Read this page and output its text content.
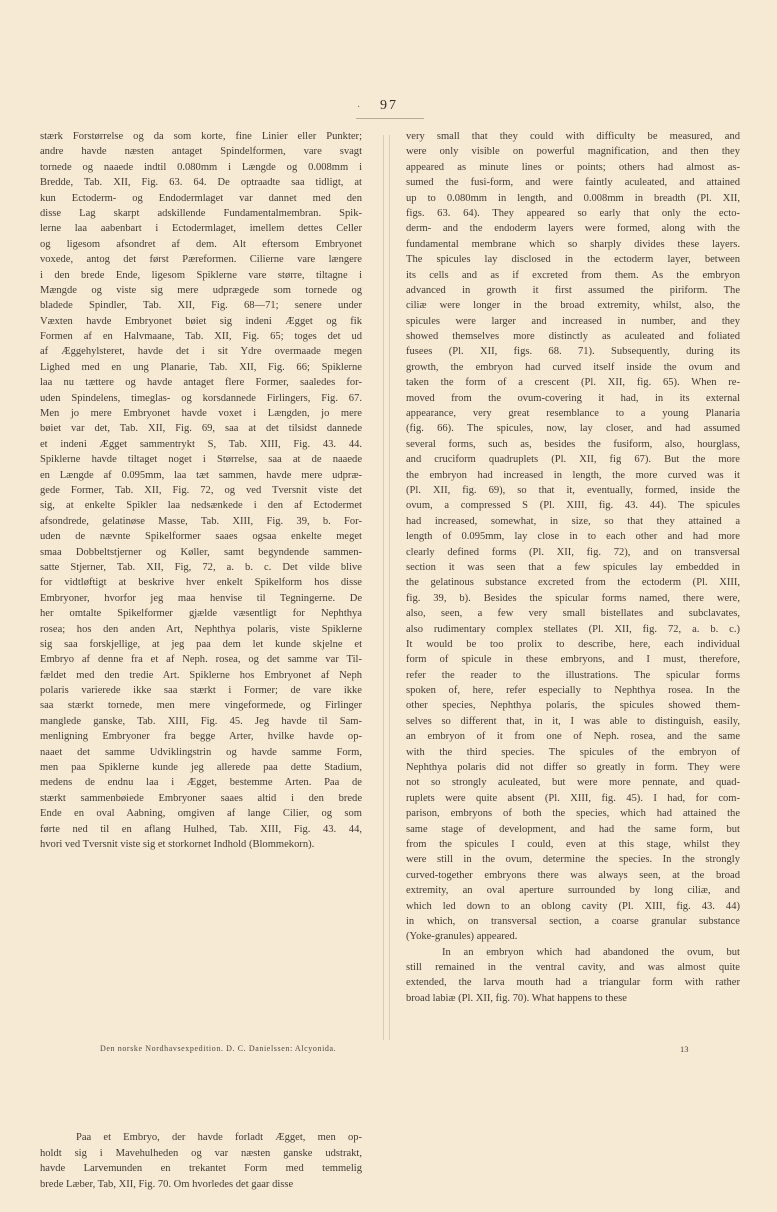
· 97

stærk Forstørrelse og da som korte, fine Linier eller Punkter;
andre havde næsten antaget Spindelformen, vare svagt
tornede og naaede indtil 0.080mm i Længde og 0.008mm i
Bredde, Tab. XII, Fig. 63. 64. De optraadte saa tidligt, at
kun Ectoderm- og Endodermlaget var dannet med den
disse Lag skarpt adskillende Fundamentalmembran. Spik-
lerne laa aabenbart i Ectodermlaget, imellem dettes Celler
og ligesom afsondret af dem. Alt eftersom Embryonet
voxede, antog det først Pæreformen. Cilierne vare længere
i den brede Ende, ligesom Spiklerne vare større, tiltagne i
Mængde og viste sig mere udprægede som tornede og
bladede Spindler, Tab. XII, Fig. 68—71; senere under
Væxten havde Embryonet bøiet sig indeni Ægget og fik
Formen af en Halvmaane, Tab. XII, Fig. 65; toges det ud
af Æggehylsteret, havde det i sit Ydre overmaade megen
Lighed med en ung Planarie, Tab. XII, Fig. 66; Spiklerne
laa nu tættere og havde antaget flere Former, saaledes for-
uden Spindelens, timeglas- og korsdannede Firlingers, Fig. 67.
Men jo mere Embryonet havde voxet i Længden, jo mere
bøiet var det, Tab. XII, Fig. 69, saa at det tilsidst dannede
et indeni Ægget sammentrykt S, Tab. XIII, Fig. 43. 44.
Spiklerne havde tiltaget noget i Størrelse, saa at de naaede
en Længde af 0.095mm, laa tæt sammen, havde mere udpræ-
gede Former, Tab. XII, Fig. 72, og ved Tversnit viste det
sig, at enkelte Spikler laa nedsænkede i den af Ectodermet
afsondrede, gelatinøse Masse, Tab. XIII, Fig. 39, b. For-
uden de nævnte Spikelformer saaes ogsaa enkelte meget
smaa Dobbeltstjerner og Køller, samt begyndende sammen-
satte Stjerner, Tab. XII, Fig, 72, a. b. c. Det vilde blive
for vidtløftigt at beskrive hver enkelt Spikelform hos disse
Embryoner, hvorfor jeg maa henvise til Tegningerne. De
her omtalte Spikelformer gjælde væsentligt for Nephthya
rosea; hos den anden Art, Nephthya polaris, viste Spiklerne
sig saa forskjellige, at jeg paa dem let kunde skjelne et
Embryo af denne fra et af Neph. rosea, og det samme var Til-
fældet med den tredie Art. Spiklerne hos Embryonet af Neph
polaris varierede ikke saa stærkt i Former; de vare ikke
saa stærkt tornede, men mere vingeformede, og Firlinger
manglede ganske, Tab. XIII, Fig. 45. Jeg havde til Sam-
menligning Embryoner fra begge Arter, hvilke havde op-
naaet det samme Udviklingstrin og havde samme Form,
men paa Spiklerne kunde jeg allerede paa dette Stadium,
medens de endnu laa i Ægget, bestemme Arten. Paa de
stærkt sammenbøiede Embryoner saaes altid i den brede
Ende en oval Aabning, omgiven af lange Cilier, og som
førte ned til en aflang Hulhed, Tab. XIII, Fig. 43. 44,
hvori ved Tversnit viste sig et storkornet Indhold (Blommekorn).

Paa et Embryo, der havde forladt Ægget, men op-
holdt sig i Mavehulheden og var næsten ganske udstrakt,
havde Larvemunden en trekantet Form med temmelig
brede Læber, Tab, XII, Fig. 70. Om hvorledes det gaar disse

very small that they could with difficulty be measured, and
were only visible on powerful magnification, and then they
appeared as minute lines or points; others had almost as-
sumed the fusi-form, and were faintly aculeated, and attained
up to 0.080mm in length, and 0.008mm in breadth (Pl. XII,
figs. 63. 64). They appeared so early that only the ecto-
derm- and the endoderm layers were formed, along with the
fundamental membrane which so sharply divides these layers.
The spicules lay disclosed in the ectoderm layer, between
its cells and as if excreted from them. As the embryon
advanced in growth it first assumed the piriform. The
ciliæ were longer in the broad extremity, whilst, also, the
spicules were larger and increased in number, and they
showed themselves more distinctly as aculeated and foliated
fusees (Pl. XII, figs. 68. 71). Subsequently, during its
growth, the embryon had curved itself inside the ovum and
taken the form of a crescent (Pl. XII, fig. 65). When re-
moved from the ovum-covering it had, in its external
appearance, very great resemblance to a young Planaria
(fig. 66). The spicules, now, lay closer, and had assumed
several forms, such as, besides the fusiform, also, hourglass,
and cruciform quadruplets (Pl. XII, fig 67). But the more
the embryon had increased in length, the more curved was it
(Pl. XII, fig. 69), so that it, eventually, formed, inside the
ovum, a compressed S (Pl. XIII, fig. 43. 44). The spicules
had increased, somewhat, in size, so that they attained a
length of 0.095mm, lay close in to each other and had more
clearly defined forms (Pl. XII, fig. 72), and on transversal
section it was seen that a few spicules lay embedded in
the gelatinous substance excreted from the ectoderm (Pl. XIII,
fig. 39, b). Besides the spicular forms named, there were,
also, seen, a few very small bistellates and subclavates,
also rudimentary complex stellates (Pl. XII, fig. 72, a. b. c.)
It would be too prolix to describe, here, each individual
form of spicule in these embryons, and I must, therefore,
refer the reader to the illustrations. The spicular forms
spoken of, here, refer especially to Nephthya rosea. In the
other species, Nephthya polaris, the spicules showed them-
selves so different that, in it, I was able to distinguish, easily,
an embryon of it from one of Neph. rosea, and the same
with the third species. The spicules of the embryon of
Nephthya polaris did not differ so greatly in form. They were
not so strongly aculeated, but were more pennate, and quad-
ruplets were quite absent (Pl. XIII, fig. 45). I had, for com-
parison, embryons of both the species, which had attained the
same stage of development, and had the same form, but
from the spicules I could, even at this stage, whilst they
were still in the ovum, determine the species. In the strongly
curved-together embryons there was always seen, at the broad
extremity, an oval aperture surrounded by long ciliæ, and
which led down to an oblong cavity (Pl. XIII, fig. 43. 44)
in which, on transversal section, a coarse granular substance
(Yoke-granules) appeared.

In an embryon which had abandoned the ovum, but
still remained in the ventral cavity, and was almost quite
extended, the larva mouth had a triangular form with rather
broad labiæ (Pl. XII, fig. 70). What happens to these

Den norske Nordhavsexpedition. D. C. Danielssen: Alcyonida.	13
